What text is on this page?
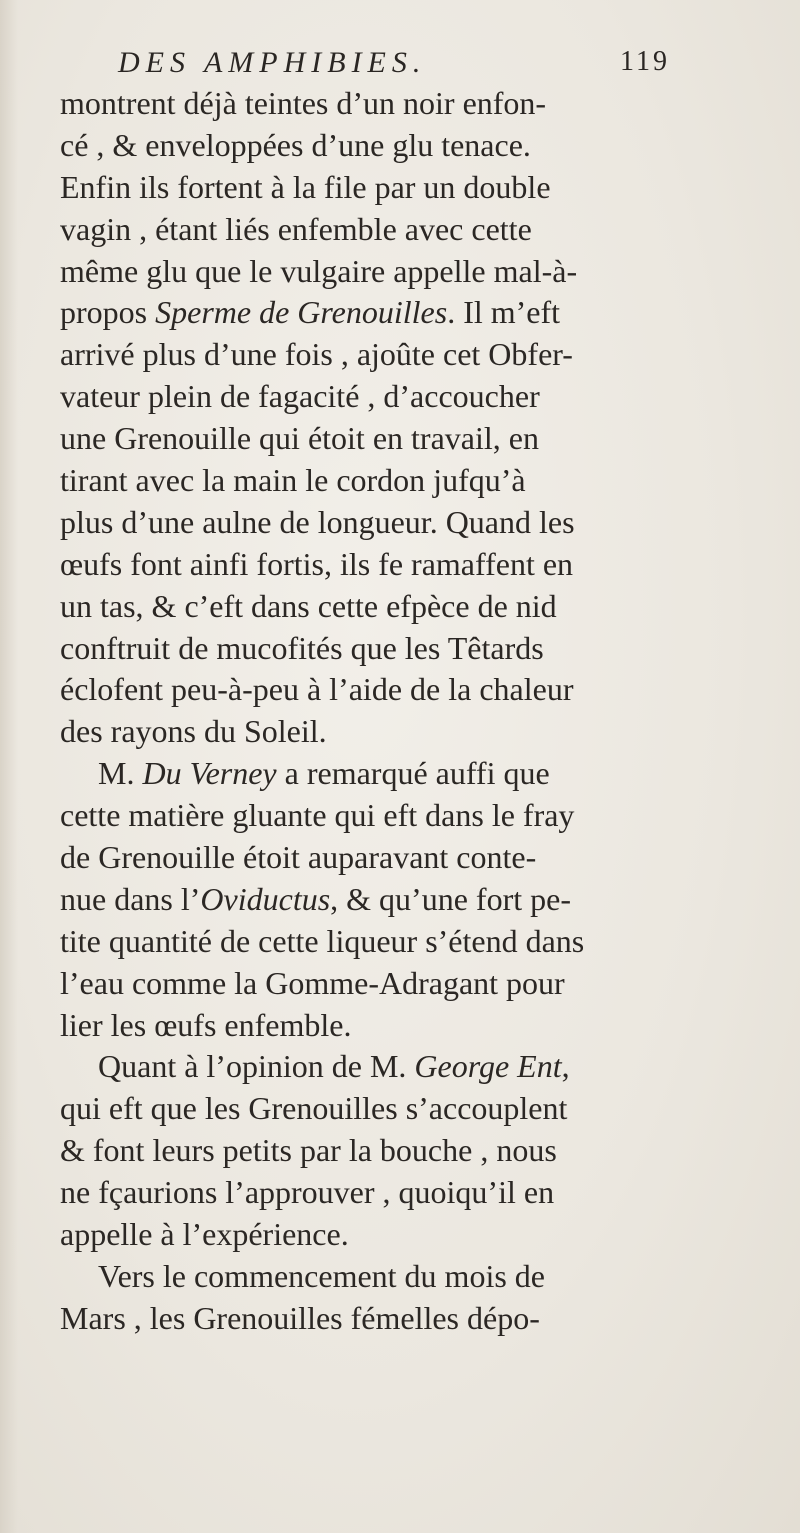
DES AMPHIBIES.	119
montrent déjà teintes d’un noir enfon-
cé , & enveloppées d’une glu tenace.
Enfin ils fortent à la file par un double
vagin , étant liés enfemble avec cette
même glu que le vulgaire appelle mal-à-
propos Sperme de Grenouilles. Il m’eft
arrivé plus d’une fois , ajoûte cet Obfer-
vateur plein de fagacité , d’accoucher
une Grenouille qui étoit en travail, en
tirant avec la main le cordon jufqu’à
plus d’une aulne de longueur. Quand les
œufs font ainfi fortis, ils fe ramaffent en
un tas, & c’eft dans cette efpèce de nid
conftruit de mucofités que les Têtards
éclofent peu-à-peu à l’aide de la chaleur
des rayons du Soleil.
M. Du Verney a remarqué auffi que
cette matière gluante qui eft dans le fray
de Grenouille étoit auparavant conte-
nue dans l’Oviductus, & qu’une fort pe-
tite quantité de cette liqueur s’étend dans
l’eau comme la Gomme-Adragant pour
lier les œufs enfemble.
Quant à l’opinion de M. George Ent,
qui eft que les Grenouilles s’accouplent
& font leurs petits par la bouche , nous
ne fçaurions l’approuver , quoiqu’il en
appelle à l’expérience.
Vers le commencement du mois de
Mars , les Grenouilles fémelles dépo-
